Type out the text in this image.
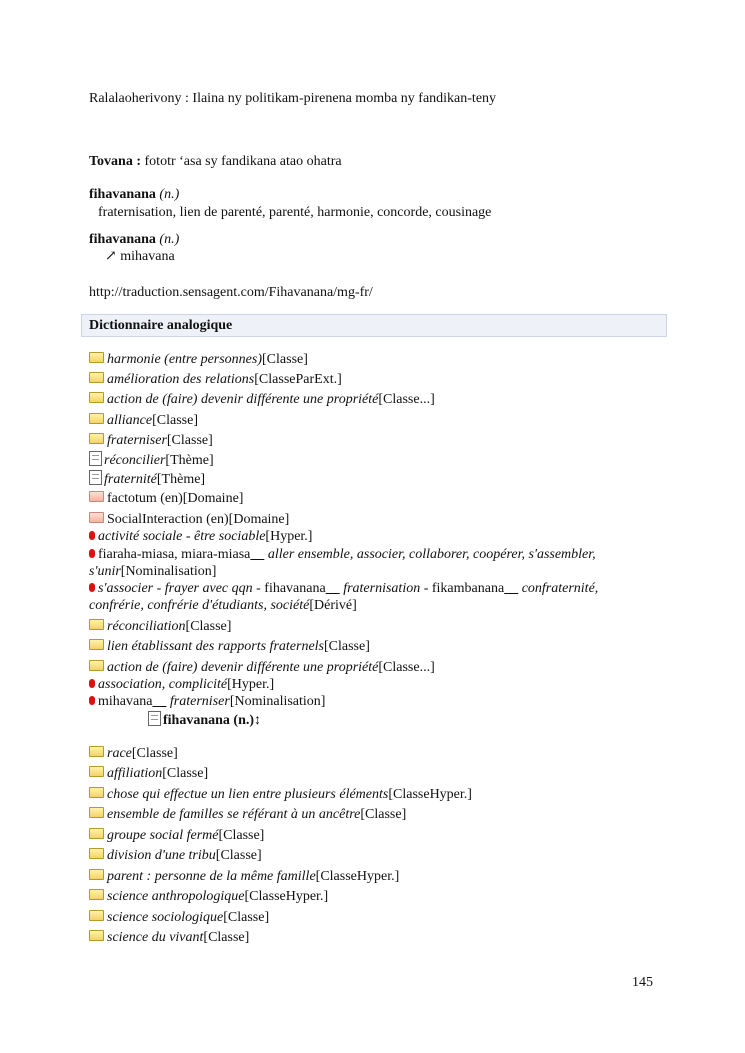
Ralalaoherivony : Ilaina ny politikam-pirenena momba ny fandikan-teny
Tovana : fototr ‘asa sy fandikana atao ohatra
fihavanana (n.)
fraternisation, lien de parenté, parenté, harmonie, concorde, cousinage
fihavanana (n.)
↗ mihavana
http://traduction.sensagent.com/Fihavanana/mg-fr/
Dictionnaire analogique
harmonie (entre personnes)[Classe]
amélioration des relations[ClasseParExt.]
action de (faire) devenir différente une propriété[Classe...]
alliance[Classe]
fraterniser[Classe]
réconcilier[Thème]
fraternité[Thème]
factotum (en)[Domaine]
SocialInteraction (en)[Domaine]
activité sociale - être sociable[Hyper.]
fiaraha-miasa, miara-miasa     aller ensemble, associer, collaborer, coopérer, s'assembler,
s'unir[Nominalisation]
s'associer - frayer avec qqn - fihavanana     fraternisation - fikambanana     confraternité,
confrérie, confrérie d'étudiants, société[Dérivé]
réconciliation[Classe]
lien établissant des rapports fraternels[Classe]
action de (faire) devenir différente une propriété[Classe...]
association, complicité[Hyper.]
mihavana     fraterniser[Nominalisation]
fihavanana (n.)↕
race[Classe]
affiliation[Classe]
chose qui effectue un lien entre plusieurs éléments[ClasseHyper.]
ensemble de familles se référant à un ancêtre[Classe]
groupe social fermé[Classe]
division d'une tribu[Classe]
parent : personne de la même famille[ClasseHyper.]
science anthropologique[ClasseHyper.]
science sociologique[Classe]
science du vivant[Classe]
145
